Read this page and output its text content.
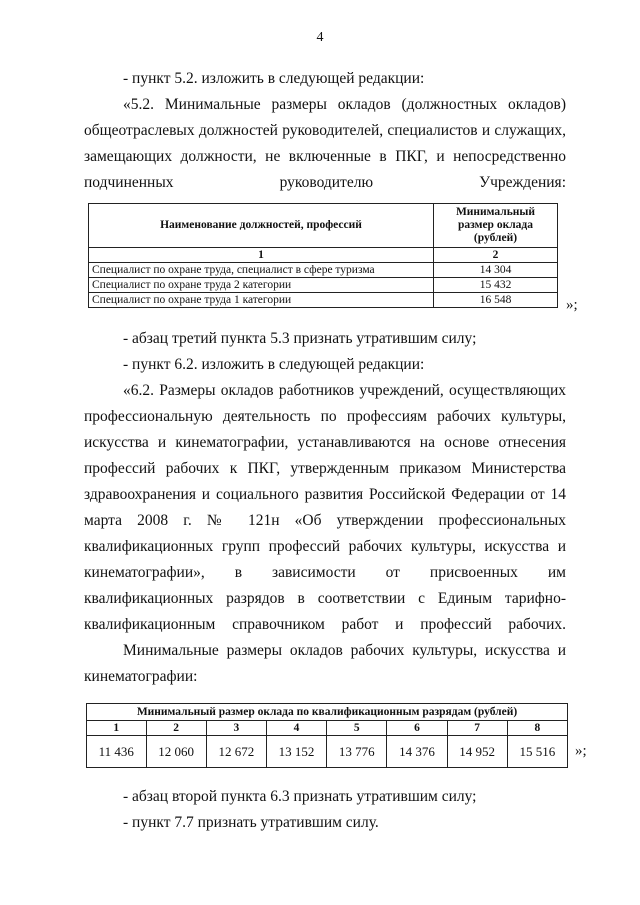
4

- пункт 5.2. изложить в следующей редакции:

«5.2. Минимальные размеры окладов (должностных окладов) общеотраслевых должностей руководителей, специалистов и служащих, замещающих должности, не включенные в ПКГ, и непосредственно подчиненных руководителю Учреждения:

Наименование должностей, профессий	Минимальный размер оклада (рублей)
1	2
Специалист по охране труда, специалист в сфере туризма	14 304
Специалист по охране труда 2 категории	15 432
Специалист по охране труда 1 категории	16 548	»;

- абзац третий пункта 5.3 признать утратившим силу;

- пункт 6.2. изложить в следующей редакции:

«6.2. Размеры окладов работников учреждений, осуществляющих профессиональную деятельность по профессиям рабочих культуры, искусства и кинематографии, устанавливаются на основе отнесения профессий рабочих к ПКГ, утвержденным приказом Министерства здравоохранения и социального развития Российской Федерации от 14 марта 2008 г. № 121н «Об утверждении профессиональных квалификационных групп профессий рабочих культуры, искусства и кинематографии», в зависимости от присвоенных им квалификационных разрядов в соответствии с Единым тарифно-квалификационным справочником работ и профессий рабочих.

Минимальные размеры окладов рабочих культуры, искусства и кинематографии:

Минимальный размер оклада по квалификационным разрядам (рублей)							
1	2	3	4	5	6	7	8
11 436	12 060	12 672	13 152	13 776	14 376	14 952	15 516 »;

- абзац второй пункта 6.3 признать утратившим силу;

- пункт 7.7 признать утратившим силу.
